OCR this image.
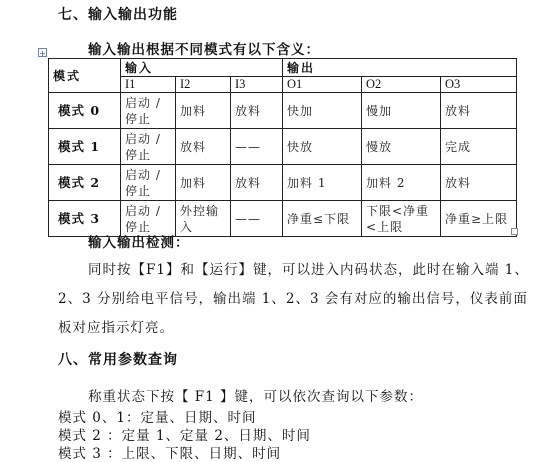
七、输入输出功能
+	输入输出根据不同模式有以下含义：
模式	输入			输出		
	I1	I2	I3	O1	O2	O3
模式 0	启动 / 停止	加料	放料	快加	慢加	放料
模式 1	启动 / 停止	放料	——	快放	慢放	完成
模式 2	启动 / 停止	加料	放料	加料 1	加料 2	放料
模式 3	启动 / 停止	外控输入	——	净重≤下限	下限<净重<上限	净重≥上限
输入输出检测：
同时按【F1】和【运行】键，可以进入内码状态，此时在输入端 1、
2、3 分别给电平信号，输出端 1、2、3 会有对应的输出信号，仪表前面
板对应指示灯亮。
八、常用参数查询
称重状态下按【 F1 】键，可以依次查询以下参数：
模式 0、1：定量、日期、时间
模式 2 ：定量 1、定量 2、日期、时间
模式 3 ：上限、下限、日期、时间
